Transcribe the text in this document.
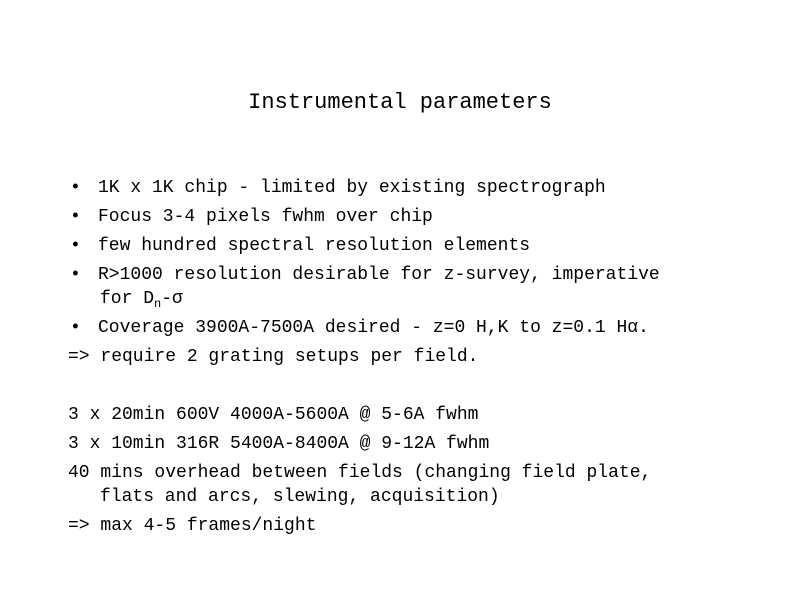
Instrumental parameters
• 1K x 1K chip - limited by existing spectrograph
• Focus 3-4 pixels fwhm over chip
• few hundred spectral resolution elements
• R>1000 resolution desirable for z-survey, imperative
for $D_n-\sigma$
• Coverage 3900A-7500A desired - z=0 H,K to z=0.1 Hα.
=> require 2 grating setups per field.
3 x 20min 600V 4000A-5600A @ 5-6A fwhm
3 x 10min 316R 5400A-8400A @ 9-12A fwhm
40 mins overhead between fields (changing field plate,
flats and arcs, slewing, acquisition)
=> max 4-5 frames/night
